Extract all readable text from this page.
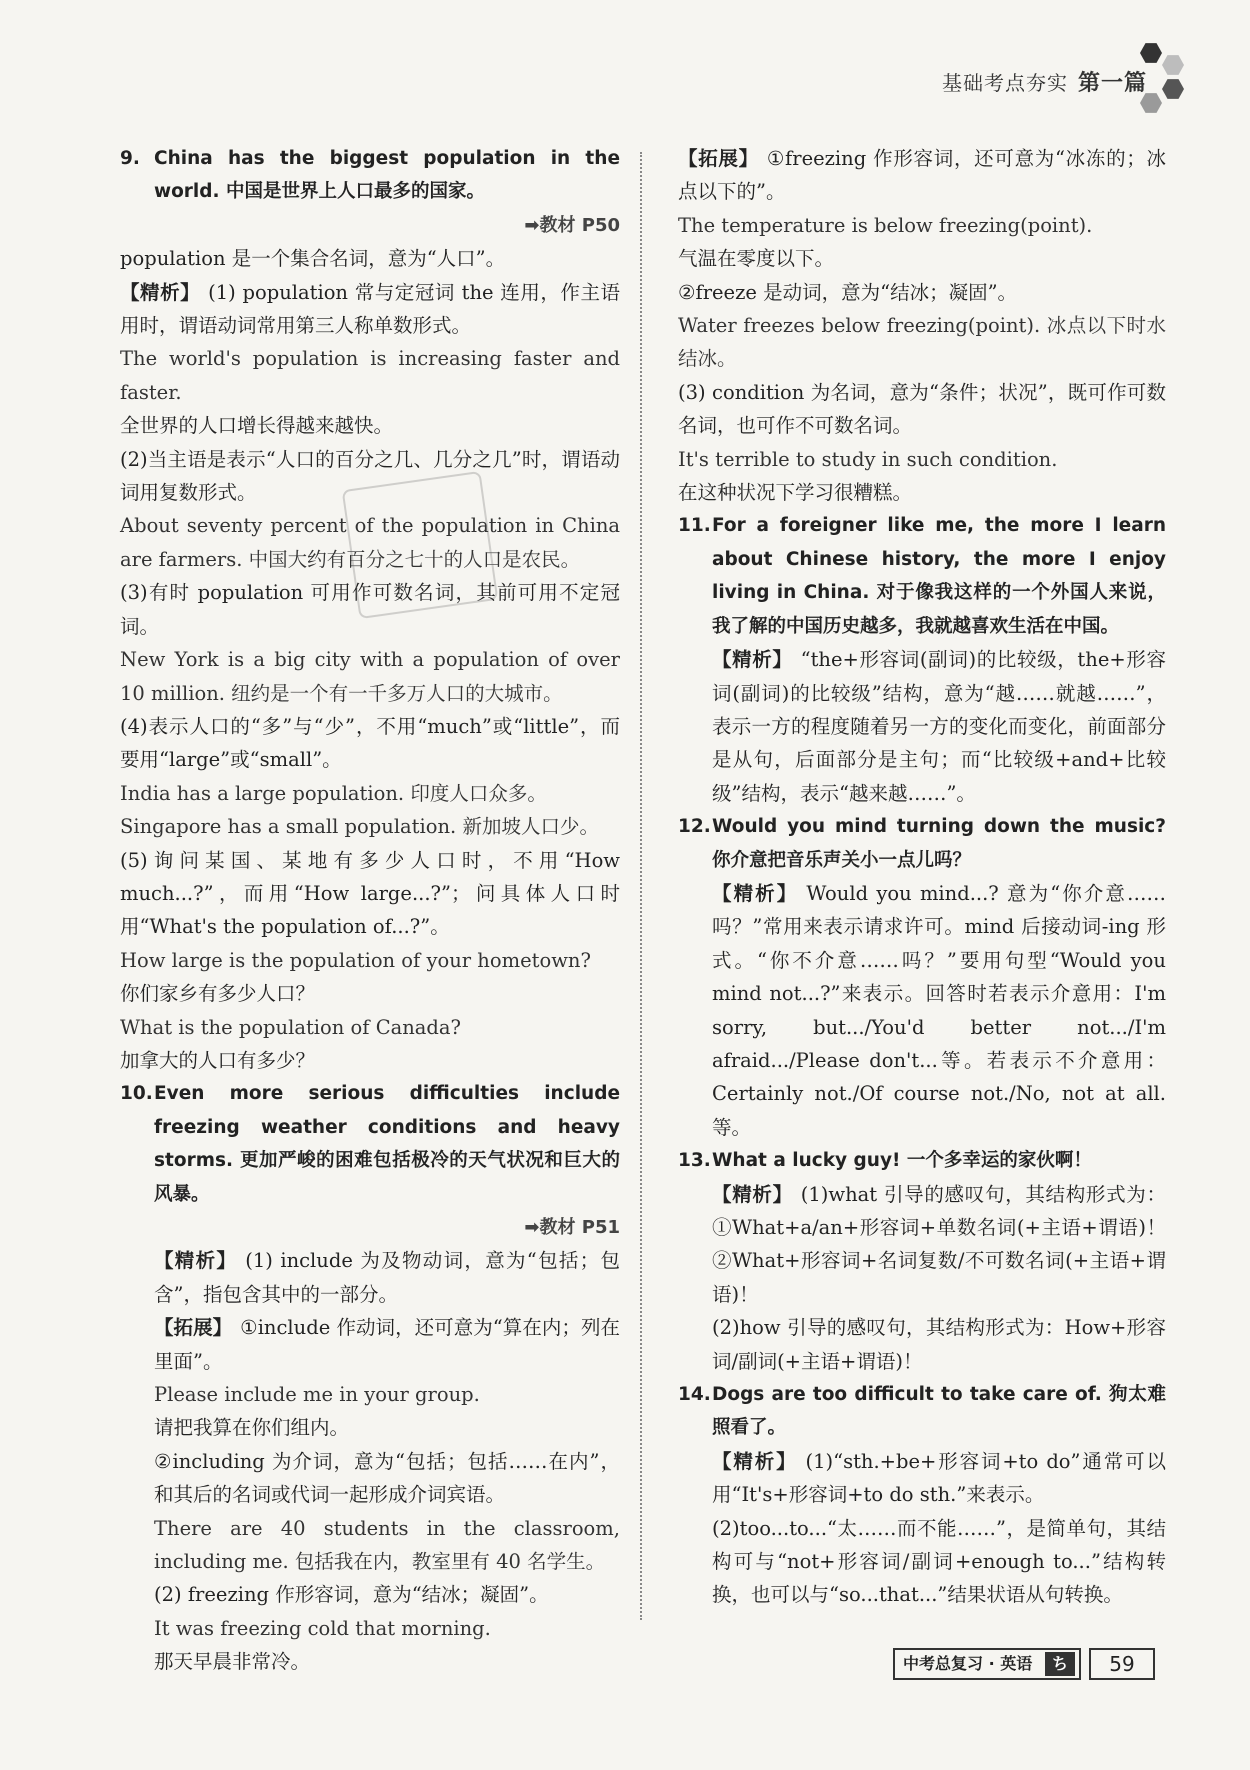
基础考点夯实 第一篇
9. China has the biggest population in the world. 中国是世界上人口最多的国家。
➡教材 P50
population 是一个集合名词，意为“人口”。
【精析】 (1) population 常与定冠词 the 连用，作主语用时，谓语动词常用第三人称单数形式。
The world's population is increasing faster and faster.
全世界的人口增长得越来越快。
(2)当主语是表示“人口的百分之几、几分之几”时，谓语动词用复数形式。
About seventy percent of the population in China are farmers. 中国大约有百分之七十的人口是农民。
(3)有时 population 可用作可数名词，其前可用不定冠词。
New York is a big city with a population of over 10 million. 纽约是一个有一千多万人口的大城市。
(4)表示人口的“多”与“少”，不用“much”或“little”，而要用“large”或“small”。
India has a large population. 印度人口众多。
Singapore has a small population. 新加坡人口少。
(5)询问某国、某地有多少人口时，不用“How much...?”，而用“How large...?”；问具体人口时用“What's the population of...?”。
How large is the population of your hometown?
你们家乡有多少人口？
What is the population of Canada?
加拿大的人口有多少？
10.Even more serious difficulties include freezing weather conditions and heavy storms. 更加严峻的困难包括极冷的天气状况和巨大的风暴。
➡教材 P51
【精析】 (1) include 为及物动词，意为“包括；包含”，指包含其中的一部分。
【拓展】 ①include 作动词，还可意为“算在内；列在里面”。
Please include me in your group.
请把我算在你们组内。
②including 为介词，意为“包括；包括……在内”，和其后的名词或代词一起形成介词宾语。
There are 40 students in the classroom, including me. 包括我在内，教室里有 40 名学生。
(2) freezing 作形容词，意为“结冰；凝固”。
It was freezing cold that morning.
那天早晨非常冷。
【拓展】 ①freezing 作形容词，还可意为“冰冻的；冰点以下的”。
The temperature is below freezing(point).
气温在零度以下。
②freeze 是动词，意为“结冰；凝固”。
Water freezes below freezing(point). 冰点以下时水结冰。
(3) condition 为名词，意为“条件；状况”，既可作可数名词，也可作不可数名词。
It's terrible to study in such condition.
在这种状况下学习很糟糕。
11.For a foreigner like me, the more I learn about Chinese history, the more I enjoy living in China. 对于像我这样的一个外国人来说，我了解的中国历史越多，我就越喜欢生活在中国。
【精析】 “the+形容词(副词)的比较级，the+形容词(副词)的比较级”结构，意为“越……就越……”，表示一方的程度随着另一方的变化而变化，前面部分是从句，后面部分是主句；而“比较级+and+比较级”结构，表示“越来越……”。
12.Would you mind turning down the music? 你介意把音乐声关小一点儿吗？
【精析】 Would you mind...? 意为“你介意……吗？”常用来表示请求许可。mind 后接动词-ing 形式。“你不介意……吗？”要用句型“Would you mind not...?”来表示。回答时若表示介意用：I'm sorry, but.../You'd better not.../I'm afraid.../Please don't...等。若表示不介意用：Certainly not./Of course not./No, not at all.等。
13.What a lucky guy! 一个多幸运的家伙啊！
【精析】 (1)what 引导的感叹句，其结构形式为：①What+a/an+形容词+单数名词(+主语+谓语)！②What+形容词+名词复数/不可数名词(+主语+谓语)！
(2)how 引导的感叹句，其结构形式为：How+形容词/副词(+主语+谓语)！
14.Dogs are too difficult to take care of. 狗太难照看了。
【精析】 (1)“sth.+be+形容词+to do”通常可以用“It's+形容词+to do sth.”来表示。
(2)too...to...“太……而不能……”，是简单句，其结构可与“not+形容词/副词+enough to...”结构转换，也可以与“so...that...”结果状语从句转换。
中考总复习 · 英语	ち	59
